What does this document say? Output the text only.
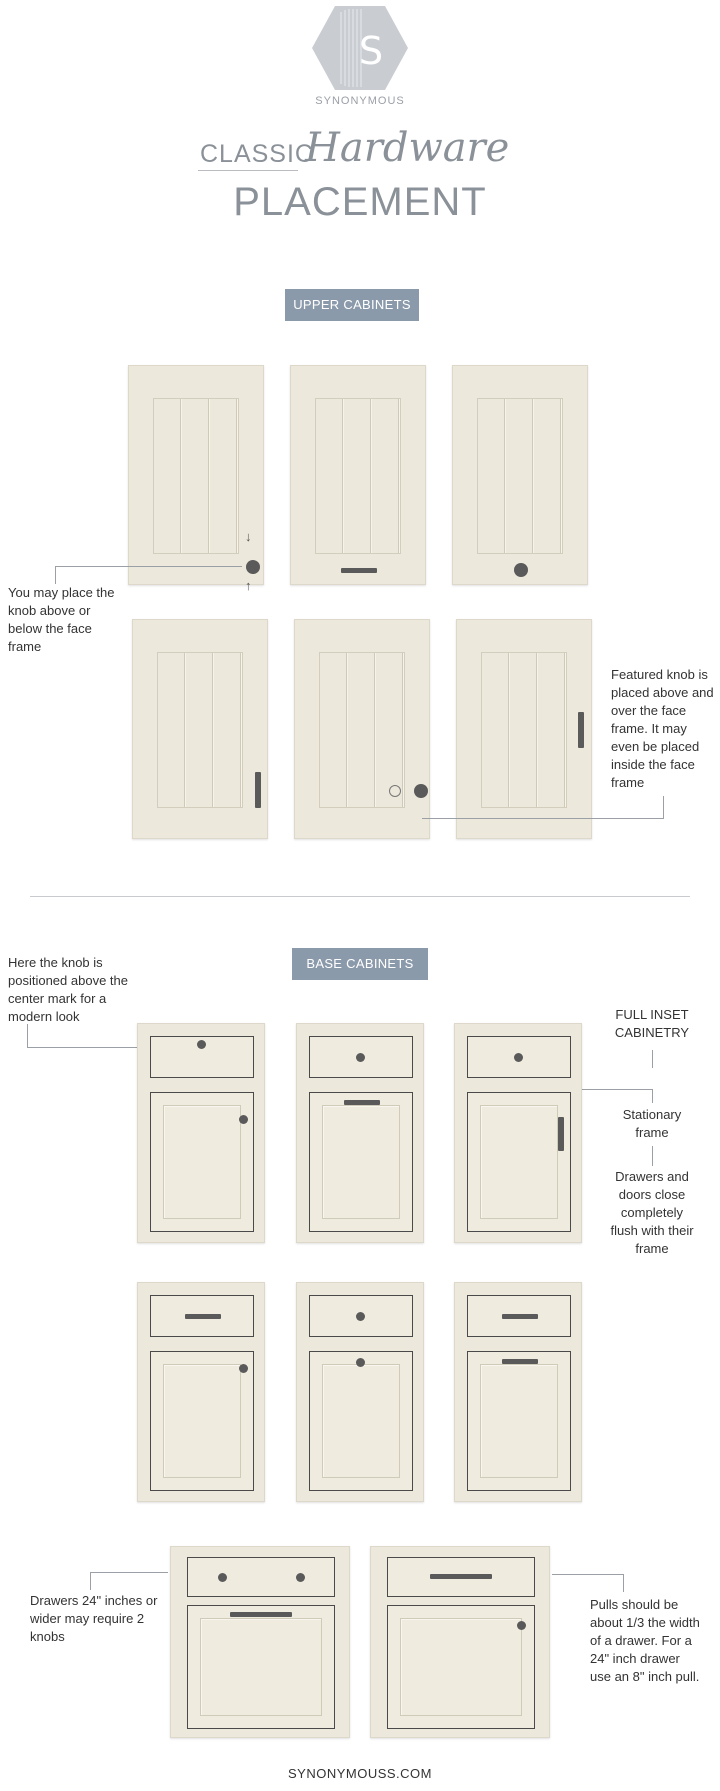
S
SYNONYMOUS
CLASSIC
Hardware
PLACEMENT
UPPER CABINETS
↓
↑
You may place the knob above or below the face frame
Featured knob is placed above and over the face frame. It may even be placed inside the face frame
BASE CABINETS
Here the knob is positioned above the center mark for a modern look	FULL INSET CABINETRY
Stationary frame
Drawers and doors close completely flush with their frame
Drawers 24" inches or wider may require 2 knobs
Pulls should be about 1/3 the width of a drawer. For a 24" inch drawer use an 8" inch pull.
SYNONYMOUSS.COM
